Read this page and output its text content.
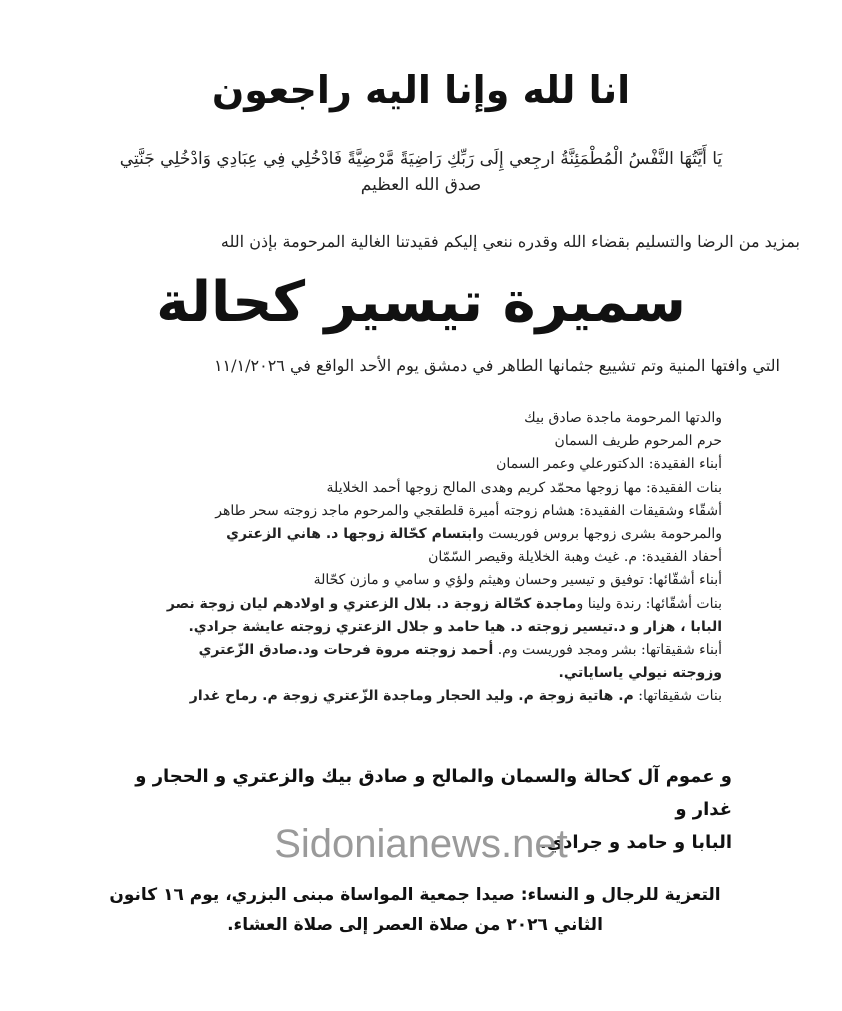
انا لله وإنا اليه راجعون
يَا أَيَّتُهَا النَّفْسُ الْمُطْمَئِنَّةُ ارجِعي إِلَى رَبِّكِ رَاضِيَةً مَّرْضِيَّةً فَادْخُلِي فِي عِبَادِي وَادْخُلِي جَنَّتِي
صدق الله العظيم
بمزيد من الرضا والتسليم بقضاء الله وقدره ننعي إليكم فقيدتنا الغالية المرحومة بإذن الله
سميرة تيسير كحالة
التي وافتها المنية وتم تشييع جثمانها الطاهر في دمشق يوم الأحد الواقع في ١١/١/٢٠٢٦
والدتها المرحومة ماجدة صادق بيك
حرم المرحوم طريف السمان
أبناء الفقيدة: الدكتورعلي وعمر السمان
بنات الفقيدة: مها زوجها محمّد كريم وهدى المالح زوجها أحمد الخلايلة
أشقّاء وشقيقات الفقيدة: هشام زوجته أميرة قلطقجي والمرحوم ماجد زوجته سحر طاهر
والمرحومة بشرى زوجها بروس فوريست وابتسام كحّالة زوجها د. هاني الزعتري
أحفاد الفقيدة: م. غيث وهبة الخلايلة وقيصر السّمّان
أبناء أشقّائها: توفيق و تيسير وحسان وهيثم ولؤي و سامي و مازن كحّالة
بنات أشقّائها: رندة ولينا وماجدة كحّالة زوجة د. بلال الزعتري و اولادهم ليان زوجة نصر
البابا ، هزار و د.تيسير زوجته د. هيا حامد و جلال الزعتري زوجته عايشة جرادي.
أبناء شقيقاتها: بشر ومجد فوريست وم. أحمد زوجته مروة فرحات ود.صادق الزّعتري
وزوجته نيولي ياساياتي.
بنات شقيقاتها: م. هاتية زوجة م. وليد الحجار وماجدة الزّعتري زوجة م. رماح غدار
و عموم آل كحالة والسمان والمالح و صادق بيك والزعتري و الحجار و غدار و
البابا و حامد و جرادي.
Sidonianews.net
التعزية للرجال و النساء: صيدا جمعية المواساة مبنى البزري، يوم ١٦ كانون
الثاني ٢٠٢٦ من صلاة العصر إلى صلاة العشاء.
